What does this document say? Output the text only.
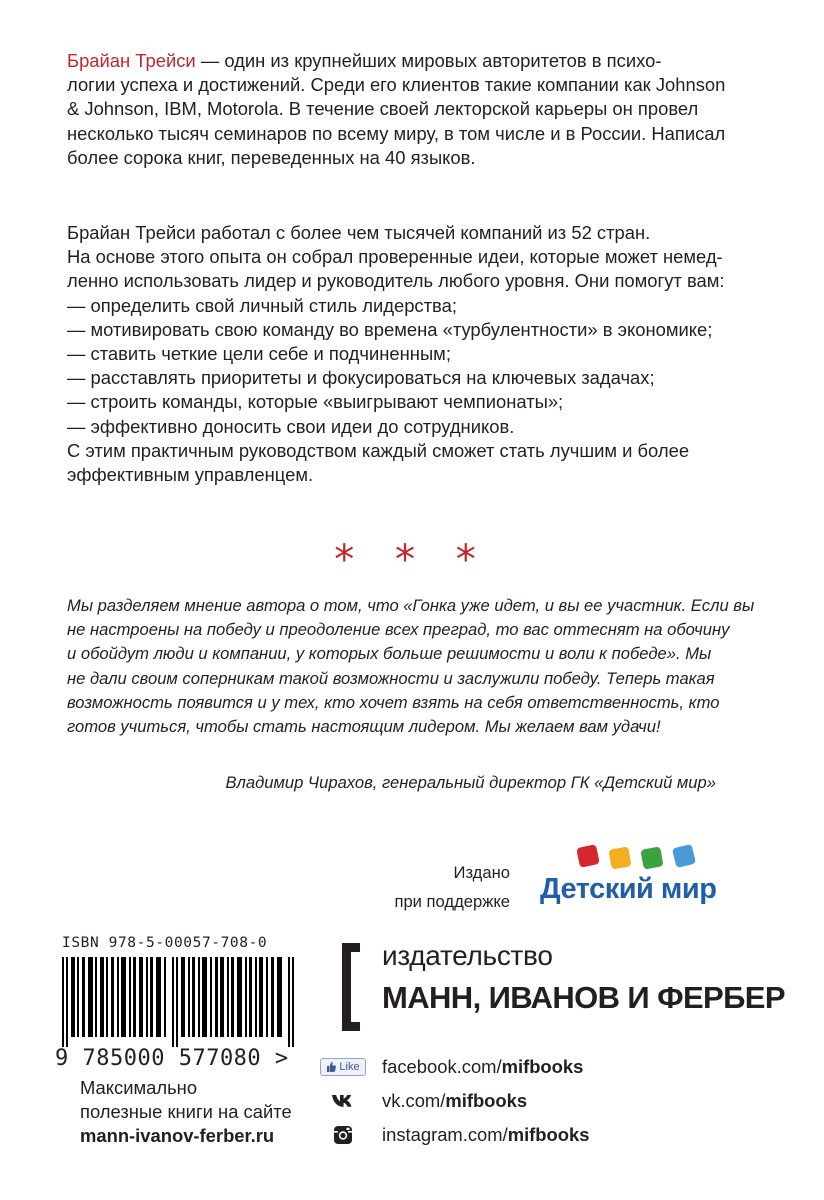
Брайан Трейси — один из крупнейших мировых авторитетов в психо-
логии успеха и достижений. Среди его клиентов такие компании как Johnson
& Johnson, IBM, Motorola. В течение своей лекторской карьеры он провел
несколько тысяч семинаров по всему миру, в том числе и в России. Написал
более сорока книг, переведенных на 40 языков.
Брайан Трейси работал с более чем тысячей компаний из 52 стран.
На основе этого опыта он собрал проверенные идеи, которые может немед-
ленно использовать лидер и руководитель любого уровня. Они помогут вам:
— определить свой личный стиль лидерства;
— мотивировать свою команду во времена «турбулентности» в экономике;
— ставить четкие цели себе и подчиненным;
— расставлять приоритеты и фокусироваться на ключевых задачах;
— строить команды, которые «выигрывают чемпионаты»;
— эффективно доносить свои идеи до сотрудников.
С этим практичным руководством каждый сможет стать лучшим и более
эффективным управленцем.
* * *
Мы разделяем мнение автора о том, что «Гонка уже идет, и вы ее участник. Если вы
не настроены на победу и преодоление всех преград, то вас оттеснят на обочину
и обойдут люди и компании, у которых больше решимости и воли к победе». Мы
не дали своим соперникам такой возможности и заслужили победу. Теперь такая
возможность появится и у тех, кто хочет взять на себя ответственность, кто
готов учиться, чтобы стать настоящим лидером. Мы желаем вам удачи!
Владимир Чирахов, генеральный директор ГК «Детский мир»
Издано
при поддержке Детский мир
ISBN 978-5-00057-708-0
9 785000 577080 >
Максимально
полезные книги на сайте
mann-ivanov-ferber.ru
издательство
МАНН, ИВАНОВ И ФЕРБЕР
Like facebook.com/ mifbooks
vk.com/ mifbooks
instagram.com/ mifbooks
